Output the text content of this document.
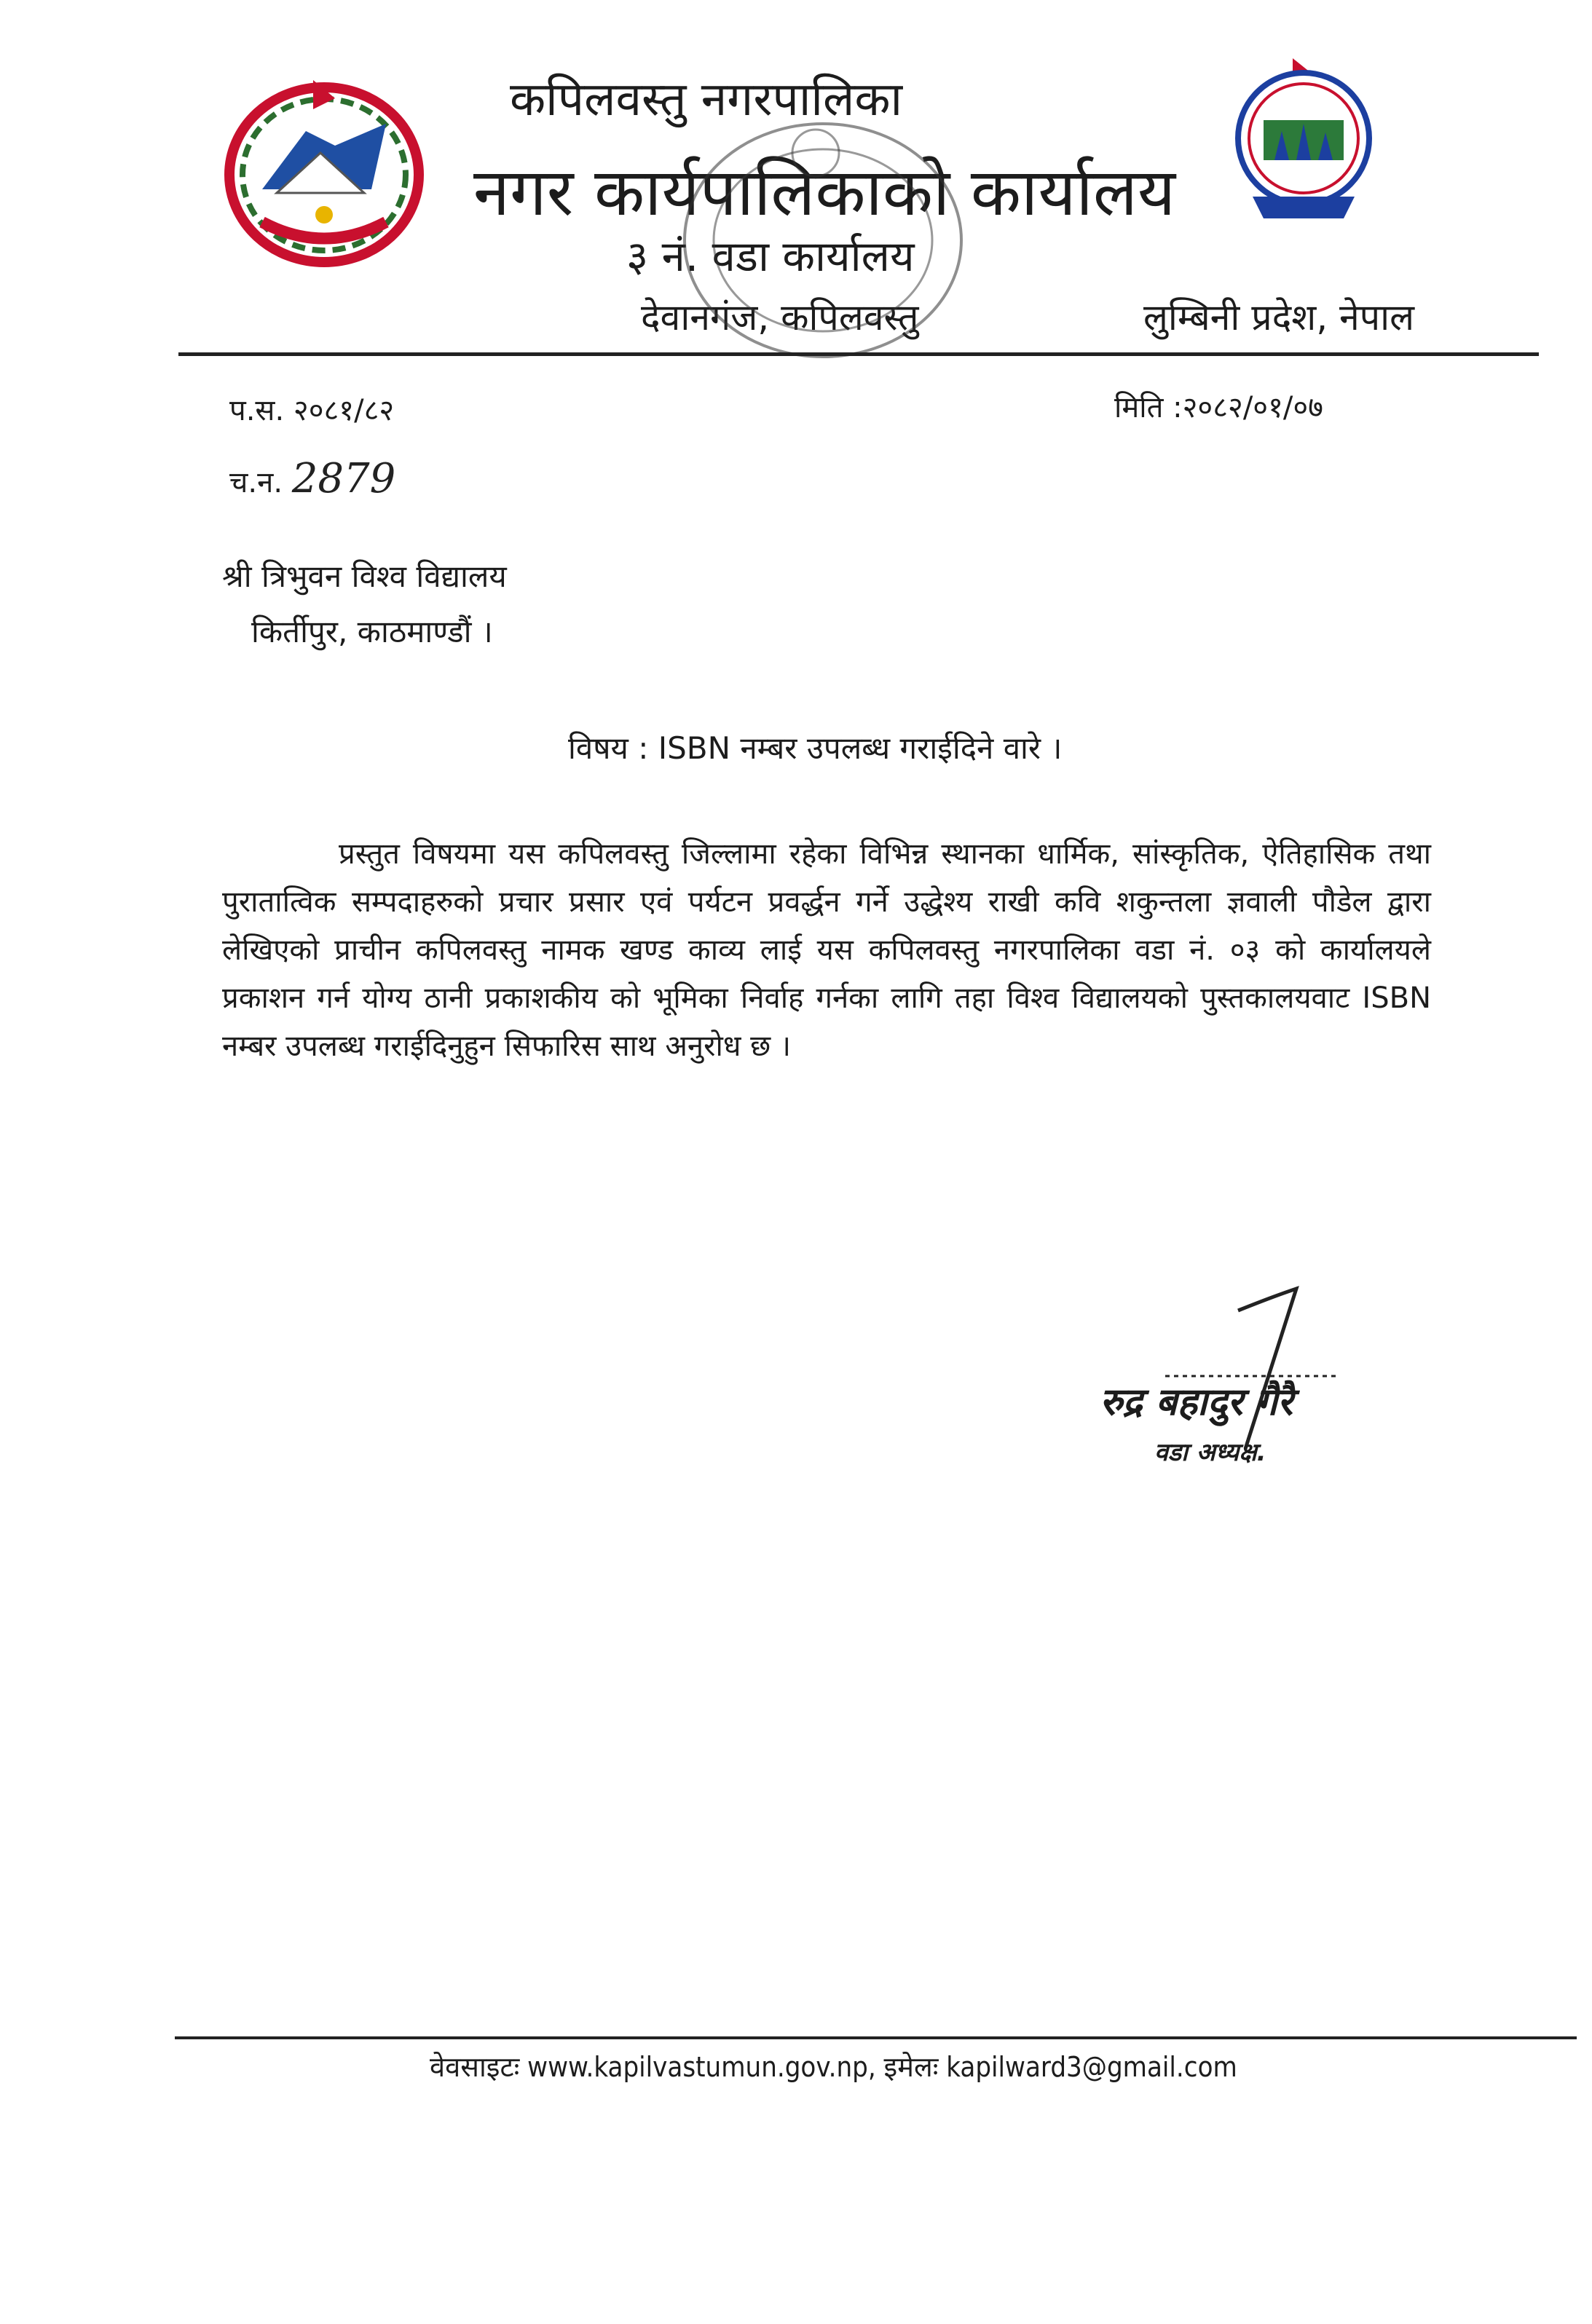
कपिलवस्तु नगरपालिका
नगर कार्यपालिकाको कार्यालय
३ नं. वडा कार्यालय
देवानगंज, कपिलवस्तु	लुम्बिनी प्रदेश, नेपाल
प.स. २०८१/८२	मिति :२०८२/०१/०७
च.न. 2879
श्री त्रिभुवन विश्व विद्यालय
किर्तीपुर, काठमाण्डौं ।
विषय : ISBN नम्बर उपलब्ध गराईदिने वारे ।
प्रस्तुत विषयमा यस कपिलवस्तु जिल्लामा रहेका विभिन्न स्थानका धार्मिक, सांस्कृतिक, ऐतिहासिक तथा पुरातात्विक सम्पदाहरुको प्रचार प्रसार एवं पर्यटन प्रवर्द्धन गर्ने उद्धेश्य राखी कवि शकुन्तला ज्ञवाली पौडेल द्वारा लेखिएको प्राचीन कपिलवस्तु नामक खण्ड काव्य लाई यस कपिलवस्तु नगरपालिका वडा नं. ०३ को कार्यालयले प्रकाशन गर्न योग्य ठानी प्रकाशकीय को भूमिका निर्वाह गर्नका लागि तहा विश्व विद्यालयको पुस्तकालयवाट ISBN नम्बर उपलब्ध गराईदिनुहुन सिफारिस साथ अनुरोध छ ।
रुद्र बहादुर गैरै
वडा अध्यक्ष.
वेवसाइटः www.kapilvastumun.gov.np, इमेलः kapilward3@gmail.com
